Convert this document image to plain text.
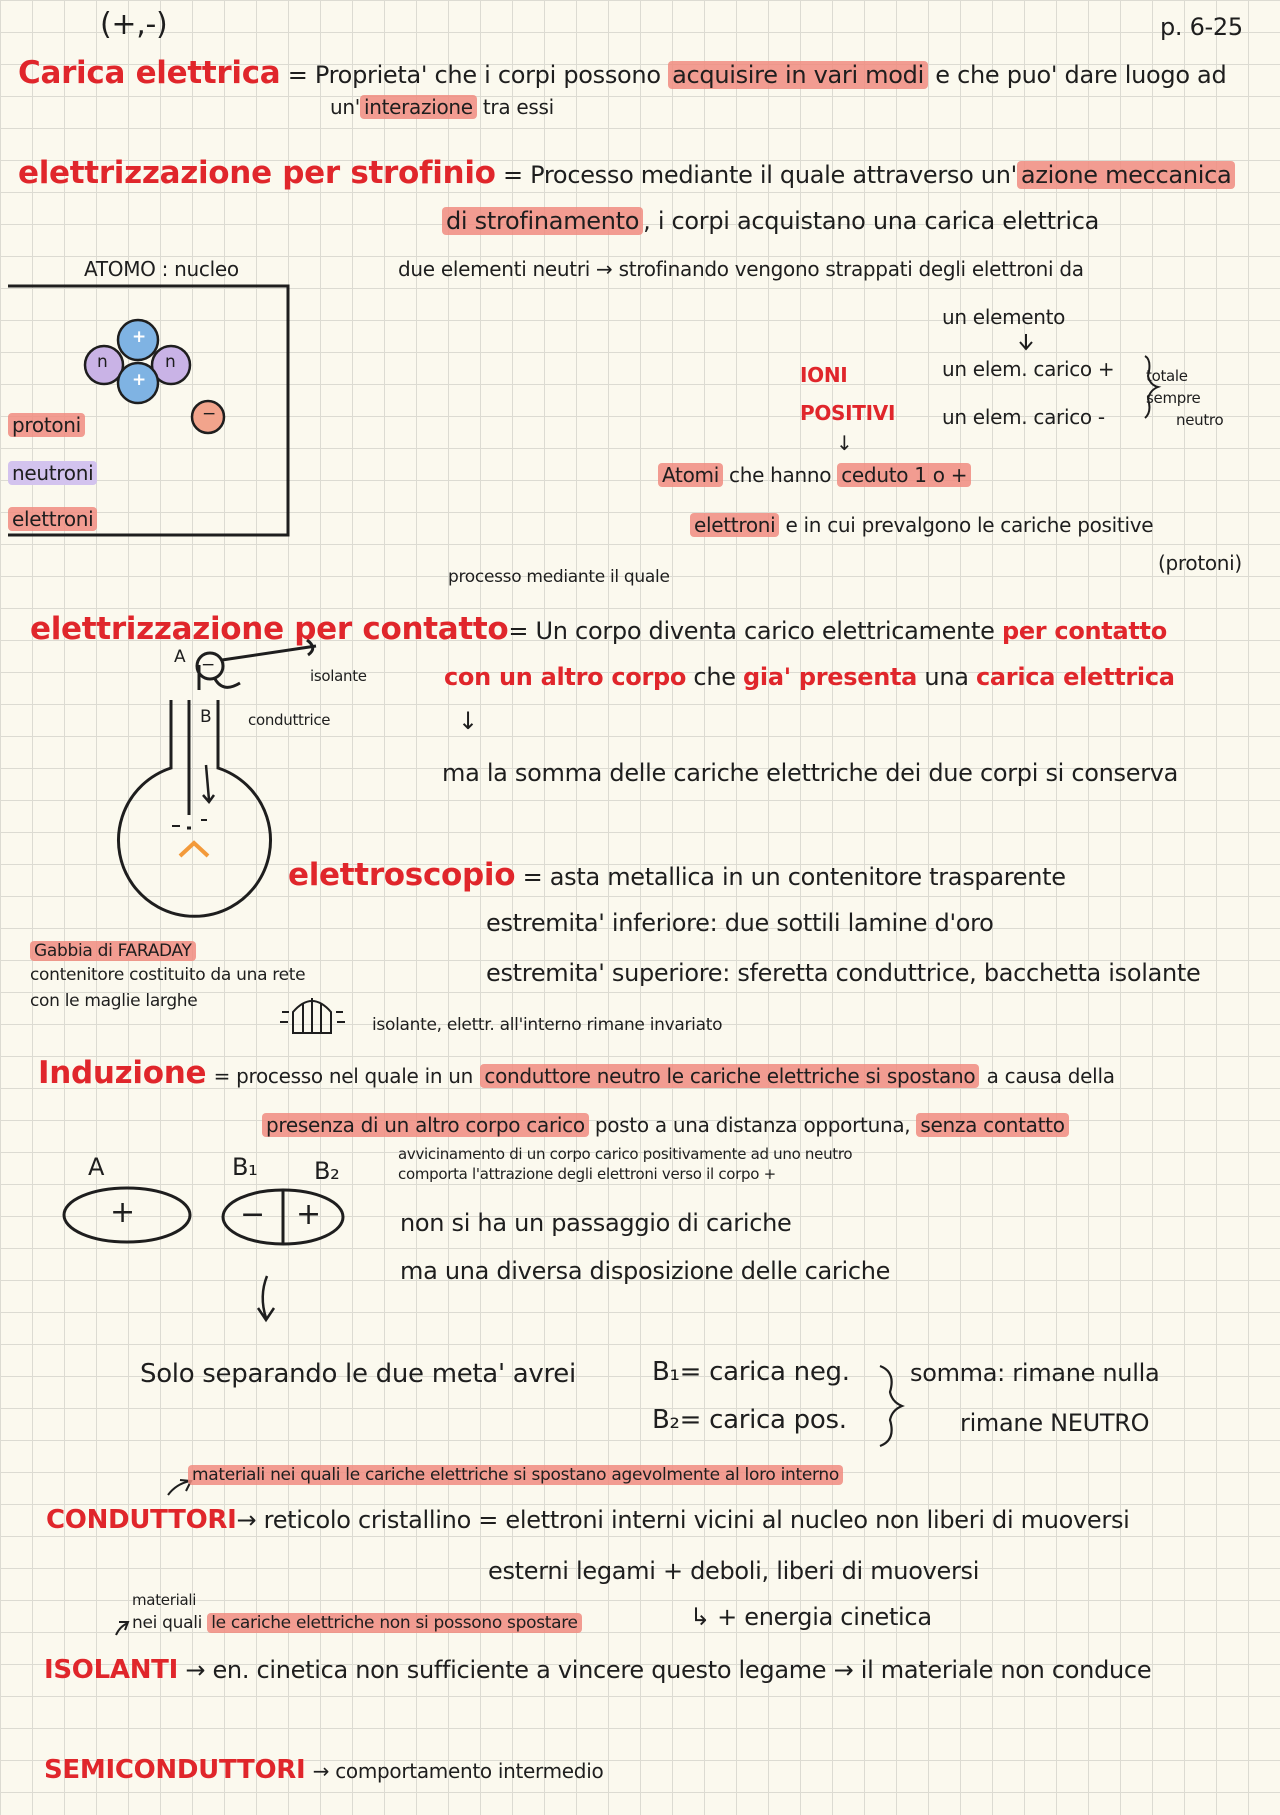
(+,-)	p. 6-25
Carica elettrica = Proprieta' che i corpi possono acquisire in vari modi e che puo' dare luogo ad
un' interazione tra essi
elettrizzazione per strofinio = Processo mediante il quale attraverso un' azione meccanica
di strofinamento , i corpi acquistano una carica elettrica
due elementi neutri → strofinando vengono strappati degli elettroni da
un elemento
un elem. carico +
un elem. carico -
totale
sempre
neutro
IONI
POSITIVI
↓
Atomi che hanno ceduto 1 o +
elettroni e in cui prevalgono le cariche positive
(protoni)
ATOMO : nucleo
n	n
+
+
−
protoni
neutroni
elettroni
processo mediante il quale
elettrizzazione per contatto= Un corpo diventa carico elettricamente per contatto
con un altro corpo che gia' presenta una carica elettrica
↓
ma la somma delle cariche elettriche dei due corpi si conserva
A −
B
isolante
conduttrice
elettroscopio = asta metallica in un contenitore trasparente
estremita' inferiore: due sottili lamine d'oro
estremita' superiore: sferetta conduttrice, bacchetta isolante
Gabbia di FARADAY
contenitore costituito da una rete
con le maglie larghe
isolante, elettr. all'interno rimane invariato
Induzione = processo nel quale in un conduttore neutro le cariche elettriche si spostano a causa della
presenza di un altro corpo carico posto a una distanza opportuna, senza contatto
avvicinamento di un corpo carico positivamente ad uno neutro
comporta l'attrazione degli elettroni verso il corpo +
non si ha un passaggio di cariche
ma una diversa disposizione delle cariche
A	B₁ B₂
+	− +
Solo separando le due meta' avrei	B₁= carica neg.
B₂= carica pos.
somma: rimane nulla
rimane NEUTRO
materiali nei quali le cariche elettriche si spostano agevolmente al loro interno
CONDUTTORI→ reticolo cristallino = elettroni interni vicini al nucleo non liberi di muoversi
esterni legami + deboli, liberi di muoversi
↳ + energia cinetica
materiali
nei quali le cariche elettriche non si possono spostare
ISOLANTI → en. cinetica non sufficiente a vincere questo legame → il materiale non conduce
SEMICONDUTTORI → comportamento intermedio
